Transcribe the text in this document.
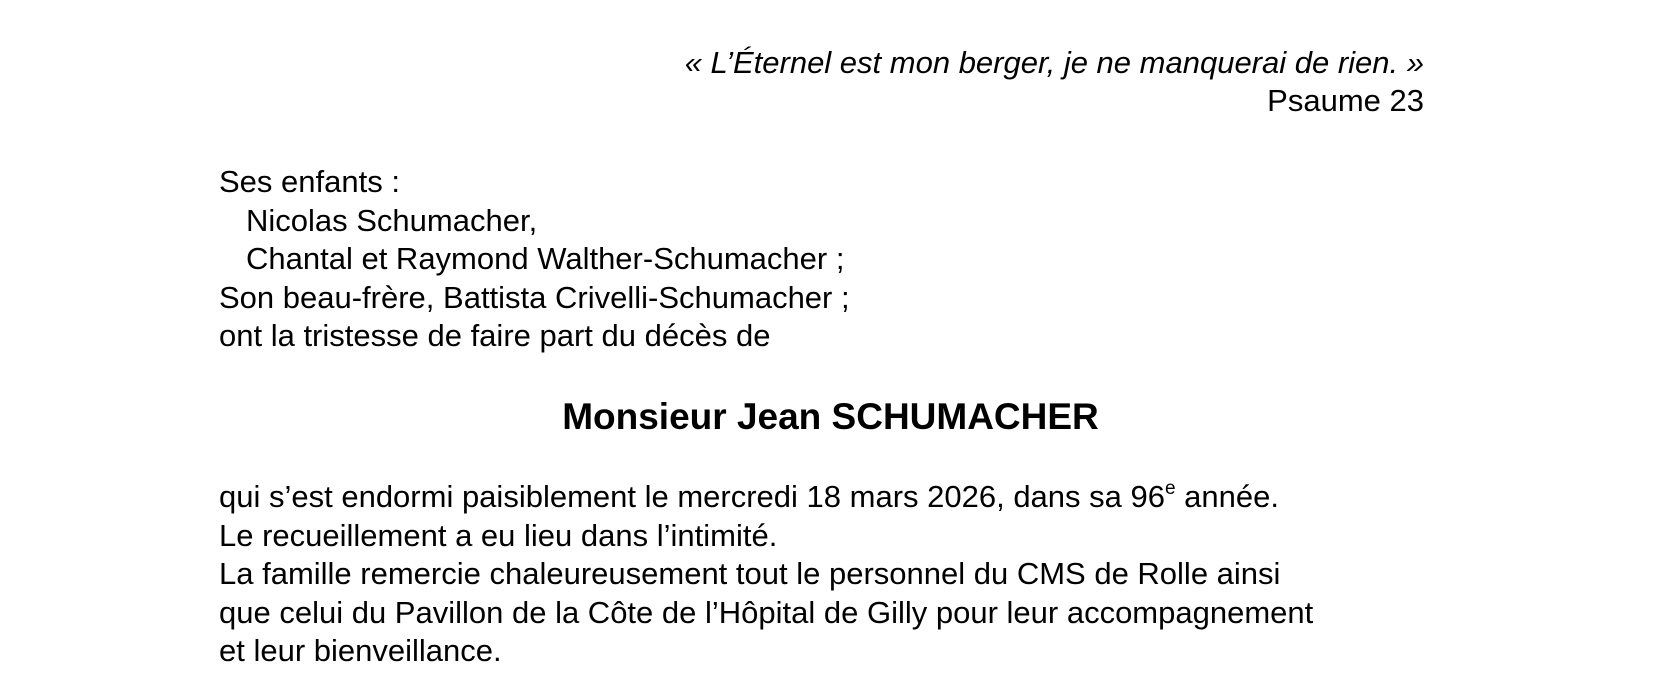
« L’Éternel est mon berger, je ne manquerai de rien. »
Psaume 23
Ses enfants :
Nicolas Schumacher,
Chantal et Raymond Walther-Schumacher ;
Son beau-frère, Battista Crivelli-Schumacher ;
ont la tristesse de faire part du décès de
Monsieur Jean SCHUMACHER
qui s’est endormi paisiblement le mercredi 18 mars 2026, dans sa 96e année.
Le recueillement a eu lieu dans l’intimité.
La famille remercie chaleureusement tout le personnel du CMS de Rolle ainsi
que celui du Pavillon de la Côte de l’Hôpital de Gilly pour leur accompagnement
et leur bienveillance.
